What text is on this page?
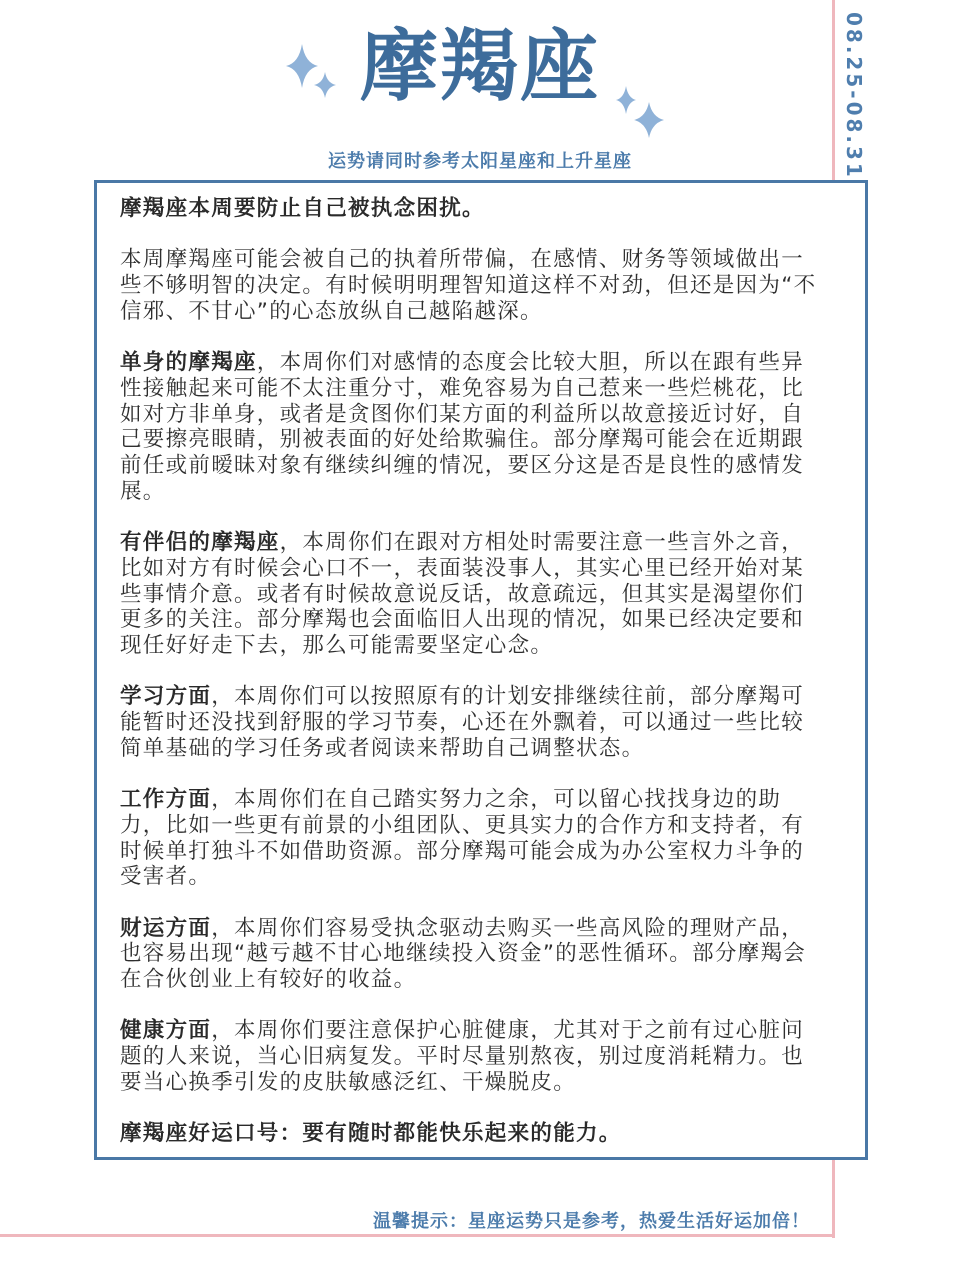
08.25-08.31
摩羯座
运势请同时参考太阳星座和上升星座

摩羯座本周要防止自己被执念困扰。

本周摩羯座可能会被自己的执着所带偏，在感情、财务等领域做出一些不够明智的决定。有时候明明理智知道这样不对劲，但还是因为“不信邪、不甘心”的心态放纵自己越陷越深。

单身的摩羯座，本周你们对感情的态度会比较大胆，所以在跟有些异性接触起来可能不太注重分寸，难免容易为自己惹来一些烂桃花，比如对方非单身，或者是贪图你们某方面的利益所以故意接近讨好，自己要擦亮眼睛，别被表面的好处给欺骗住。部分摩羯可能会在近期跟前任或前暧昧对象有继续纠缠的情况，要区分这是否是良性的感情发展。

有伴侣的摩羯座，本周你们在跟对方相处时需要注意一些言外之音，比如对方有时候会心口不一，表面装没事人，其实心里已经开始对某些事情介意。或者有时候故意说反话，故意疏远，但其实是渴望你们更多的关注。部分摩羯也会面临旧人出现的情况，如果已经决定要和现任好好走下去，那么可能需要坚定心念。

学习方面，本周你们可以按照原有的计划安排继续往前，部分摩羯可能暂时还没找到舒服的学习节奏，心还在外飘着，可以通过一些比较简单基础的学习任务或者阅读来帮助自己调整状态。

工作方面，本周你们在自己踏实努力之余，可以留心找找身边的助力，比如一些更有前景的小组团队、更具实力的合作方和支持者，有时候单打独斗不如借助资源。部分摩羯可能会成为办公室权力斗争的受害者。

财运方面，本周你们容易受执念驱动去购买一些高风险的理财产品，也容易出现“越亏越不甘心地继续投入资金”的恶性循环。部分摩羯会在合伙创业上有较好的收益。

健康方面，本周你们要注意保护心脏健康，尤其对于之前有过心脏问题的人来说，当心旧病复发。平时尽量别熬夜，别过度消耗精力。也要当心换季引发的皮肤敏感泛红、干燥脱皮。

摩羯座好运口号：要有随时都能快乐起来的能力。

温馨提示：星座运势只是参考，热爱生活好运加倍！
